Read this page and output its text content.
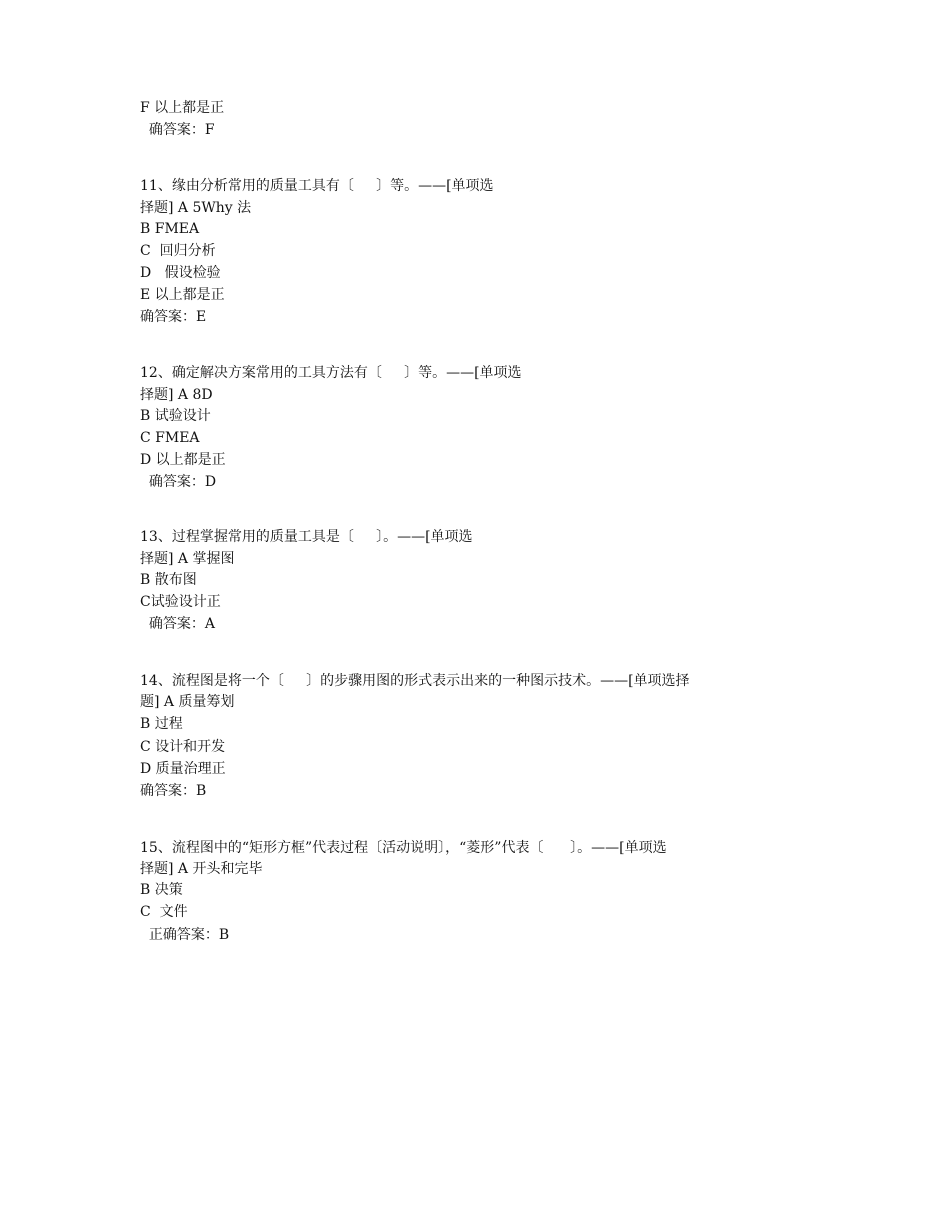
F 以上都是正
确答案：F
11、缘由分析常用的质量工具有〔     〕等。——[单项选
择题] A 5Why 法
B FMEA
C  回归分析
D   假设检验
E 以上都是正
确答案：E
12、确定解决方案常用的工具方法有〔     〕等。——[单项选
择题] A 8D
B 试验设计
C FMEA
D 以上都是正
确答案：D
13、过程掌握常用的质量工具是〔     〕。——[单项选
择题] A 掌握图
B 散布图
C试验设计正
确答案：A
14、流程图是将一个〔     〕的步骤用图的形式表示出来的一种图示技术。——[单项选择
题] A 质量筹划
B 过程
C 设计和开发
D 质量治理正
确答案：B
15、流程图中的“矩形方框”代表过程〔活动说明〕，“菱形”代表〔      〕。——[单项选
择题] A 开头和完毕
B 决策
C  文件
正确答案：B
